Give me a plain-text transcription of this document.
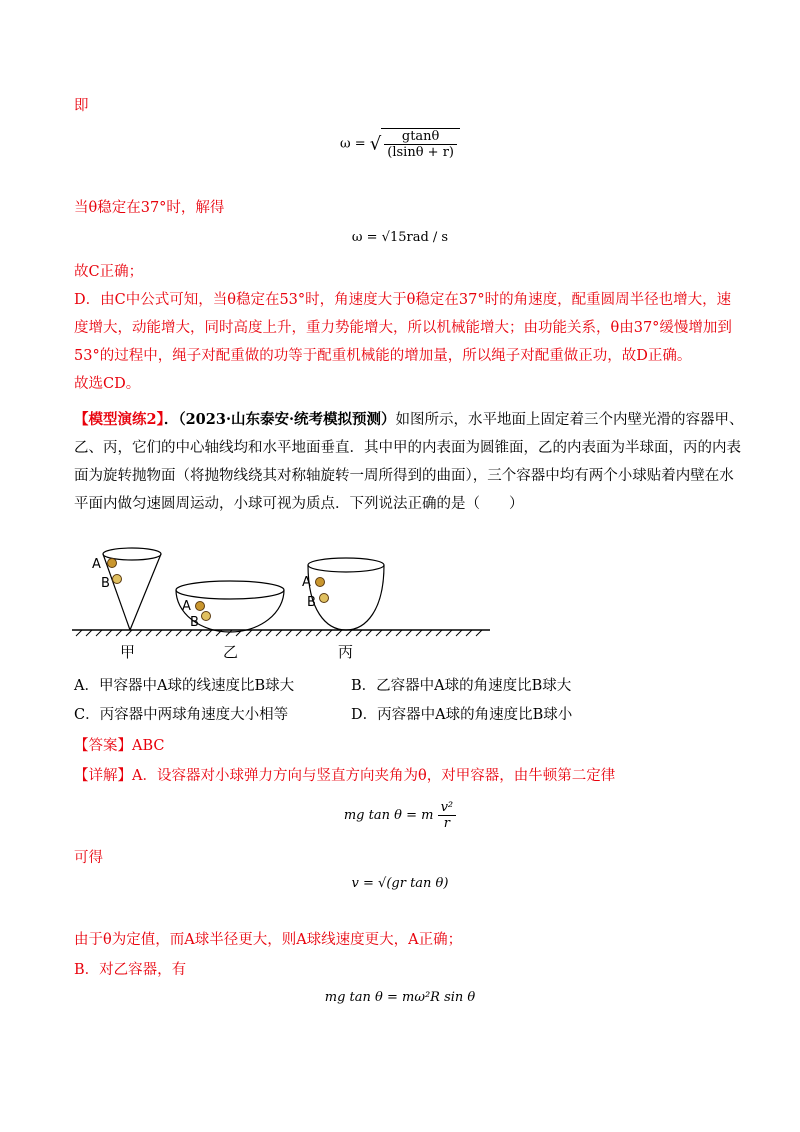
即
ω = √ $\frac{gtan\theta}{(lsin\theta + r)}$
当θ稳定在37°时，解得
ω = √15rad / s
故C正确；
D．由C中公式可知，当θ稳定在53°时，角速度大于θ稳定在37°时的角速度，配重圆周半径也增大，速
度增大，动能增大，同时高度上升，重力势能增大，所以机械能增大；由功能关系，θ由37°缓慢增加到
53°的过程中，绳子对配重做的功等于配重机械能的增加量，所以绳子对配重做正功，故D正确。
故选CD。
【模型演练2】．（2023·山东泰安·统考模拟预测）如图所示，水平地面上固定着三个内壁光滑的容器甲、
乙、丙，它们的中心轴线均和水平地面垂直．其中甲的内表面为圆锥面，乙的内表面为半球面，丙的内表
面为旋转抛物面（将抛物线绕其对称轴旋转一周所得到的曲面），三个容器中均有两个小球贴着内壁在水
平面内做匀速圆周运动，小球可视为质点．下列说法正确的是（　　）
A
B
A
B
A
B
甲	乙	丙
A．甲容器中A球的线速度比B球大	B．乙容器中A球的角速度比B球大
C．丙容器中两球角速度大小相等	D．丙容器中A球的角速度比B球小
【答案】ABC
【详解】A．设容器对小球弹力方向与竖直方向夹角为θ，对甲容器，由牛顿第二定律
mg tan θ = m $\frac{\text{v²}}{r}$
可得
v = √(gr tan θ)
由于θ为定值，而A球半径更大，则A球线速度更大，A正确；
B．对乙容器，有
mg tan θ = mω²R sin θ
